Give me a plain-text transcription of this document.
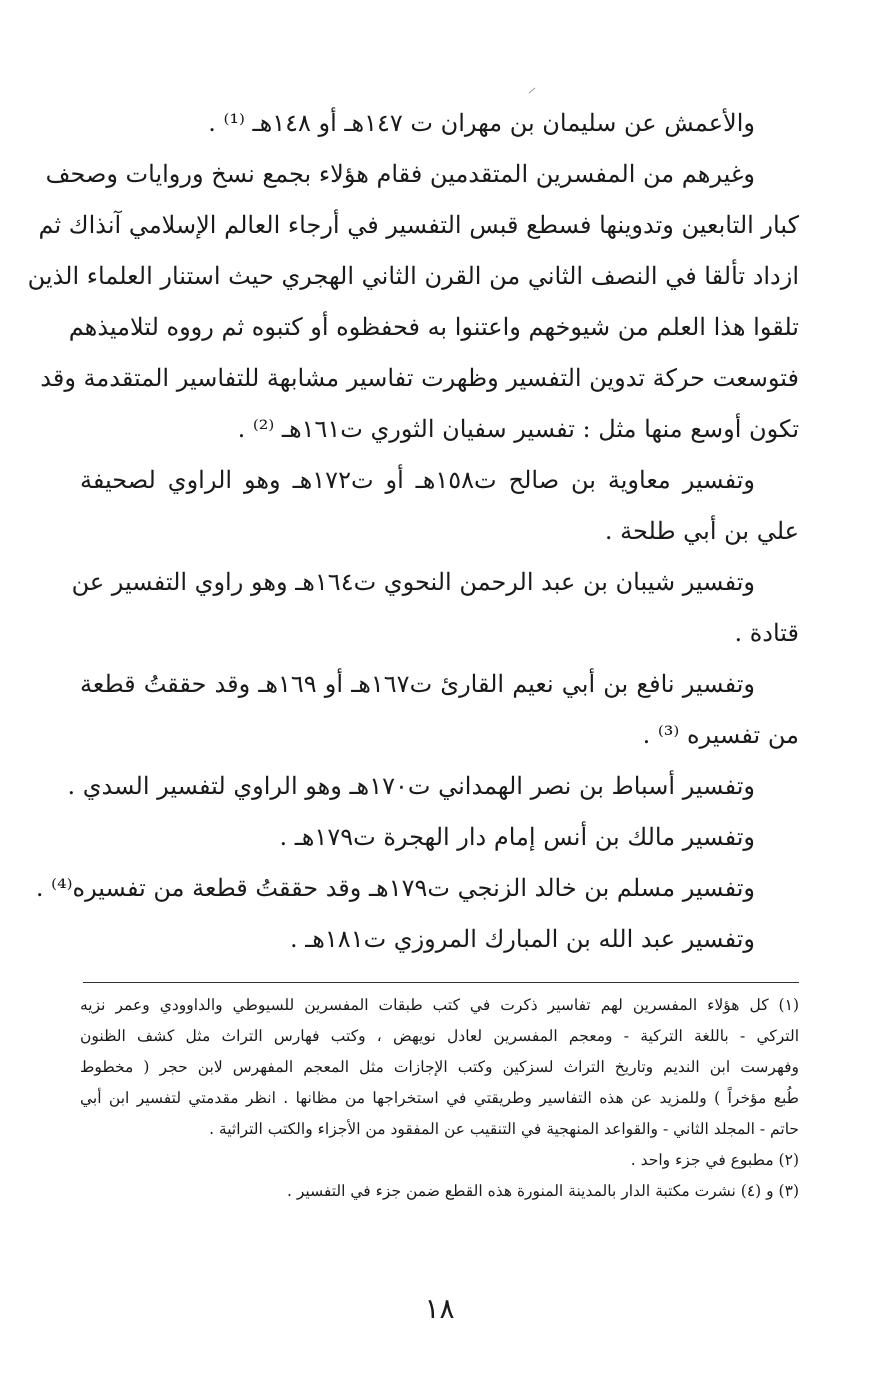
والأعمش عن سليمان بن مهران ت ١٤٧هـ أو ١٤٨هـ ⁽¹⁾ .
وغيرهم من المفسرين المتقدمين فقام هؤلاء بجمع نسخ وروايات وصحف
كبار التابعين وتدوينها فسطع قبس التفسير في أرجاء العالم الإسلامي آنذاك ثم
ازداد تألقا في النصف الثاني من القرن الثاني الهجري حيث استنار العلماء الذين
تلقوا هذا العلم من شيوخهم واعتنوا به فحفظوه أو كتبوه ثم رووه لتلاميذهم
فتوسعت حركة تدوين التفسير وظهرت تفاسير مشابهة للتفاسير المتقدمة وقد
تكون أوسع منها مثل : تفسير سفيان الثوري ت١٦١هـ ⁽²⁾ .
وتفسير معاوية بن صالح ت١٥٨هـ أو ت١٧٢هـ وهو الراوي لصحيفة
علي بن أبي طلحة .
وتفسير شيبان بن عبد الرحمن النحوي ت١٦٤هـ وهو راوي التفسير عن
قتادة .
وتفسير نافع بن أبي نعيم القارئ ت١٦٧هـ أو ١٦٩هـ وقد حققتُ قطعة
من تفسيره ⁽³⁾ .
وتفسير أسباط بن نصر الهمداني ت١٧٠هـ وهو الراوي لتفسير السدي .
وتفسير مالك بن أنس إمام دار الهجرة ت١٧٩هـ .
وتفسير مسلم بن خالد الزنجي ت١٧٩هـ وقد حققتُ قطعة من تفسيره⁽⁴⁾ .
وتفسير عبد الله بن المبارك المروزي ت١٨١هـ .
(١) كل هؤلاء المفسرين لهم تفاسير ذكرت في كتب طبقات المفسرين للسيوطي والداوودي وعمر نزيه
التركي - باللغة التركية - ومعجم المفسرين لعادل نويهض ، وكتب فهارس التراث مثل كشف الظنون
وفهرست ابن النديم وتاريخ التراث لسزكين وكتب الإجازات مثل المعجم المفهرس لابن حجر ( مخطوط
طُبع مؤخراً ) وللمزيد عن هذه التفاسير وطريقتي في استخراجها من مظانها . انظر مقدمتي لتفسير ابن أبي
حاتم - المجلد الثاني - والقواعد المنهجية في التنقيب عن المفقود من الأجزاء والكتب التراثية .
(٢) مطبوع في جزء واحد .
(٣) و (٤) نشرت مكتبة الدار بالمدينة المنورة هذه القطع ضمن جزء في التفسير .
١٨
